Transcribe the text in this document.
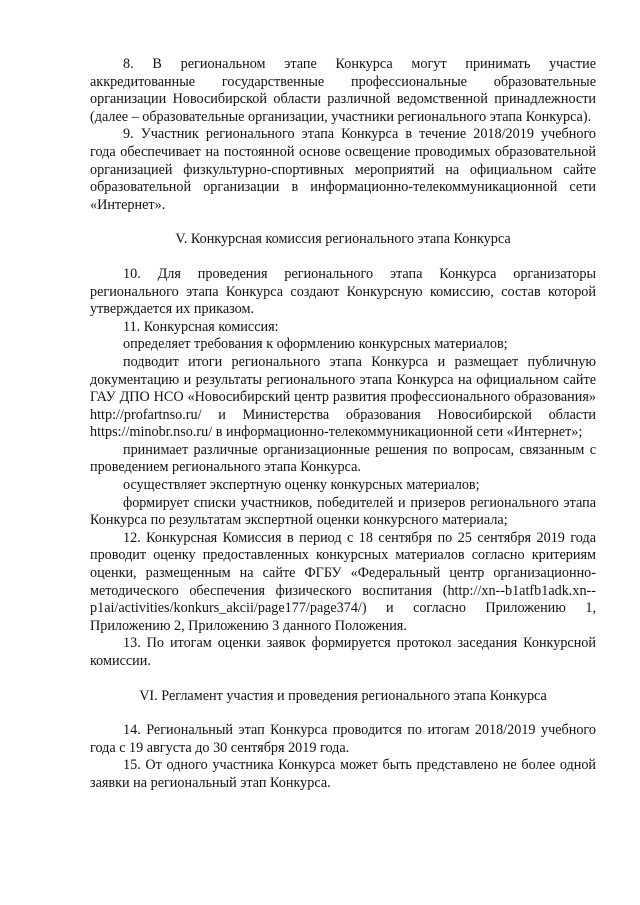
8. В региональном этапе Конкурса могут принимать участие аккредитованные государственные профессиональные образовательные организации Новосибирской области различной ведомственной принадлежности (далее – образовательные организации, участники регионального этапа Конкурса).

9. Участник регионального этапа Конкурса в течение 2018/2019 учебного года обеспечивает на постоянной основе освещение проводимых образовательной организацией физкультурно-спортивных мероприятий на официальном сайте образовательной организации в информационно-телекоммуникационной сети «Интернет».

V. Конкурсная комиссия регионального этапа Конкурса

10. Для проведения регионального этапа Конкурса организаторы регионального этапа Конкурса создают Конкурсную комиссию, состав которой утверждается их приказом.

11. Конкурсная комиссия:

определяет требования к оформлению конкурсных материалов;

подводит итоги регионального этапа Конкурса и размещает публичную документацию и результаты регионального этапа Конкурса на официальном сайте ГАУ ДПО НСО «Новосибирский центр развития профессионального образования» http://profartnso.ru/ и Министерства образования Новосибирской области https://minobr.nso.ru/ в информационно-телекоммуникационной сети «Интернет»;

принимает различные организационные решения по вопросам, связанным с проведением регионального этапа Конкурса.

осуществляет экспертную оценку конкурсных материалов;

формирует списки участников, победителей и призеров регионального этапа Конкурса по результатам экспертной оценки конкурсного материала;

12. Конкурсная Комиссия в период с 18 сентября по 25 сентября 2019 года проводит оценку предоставленных конкурсных материалов согласно критериям оценки, размещенным на сайте ФГБУ «Федеральный центр организационно-методического обеспечения физического воспитания (http://xn--b1atfb1adk.xn--p1ai/activities/konkurs_akcii/page177/page374/) и согласно Приложению 1, Приложению 2, Приложению 3 данного Положения.

13. По итогам оценки заявок формируется протокол заседания Конкурсной комиссии.

VI. Регламент участия и проведения регионального этапа Конкурса

14. Региональный этап Конкурса проводится по итогам 2018/2019 учебного года с 19 августа до 30 сентября 2019 года.

15. От одного участника Конкурса может быть представлено не более одной заявки на региональный этап Конкурса.
